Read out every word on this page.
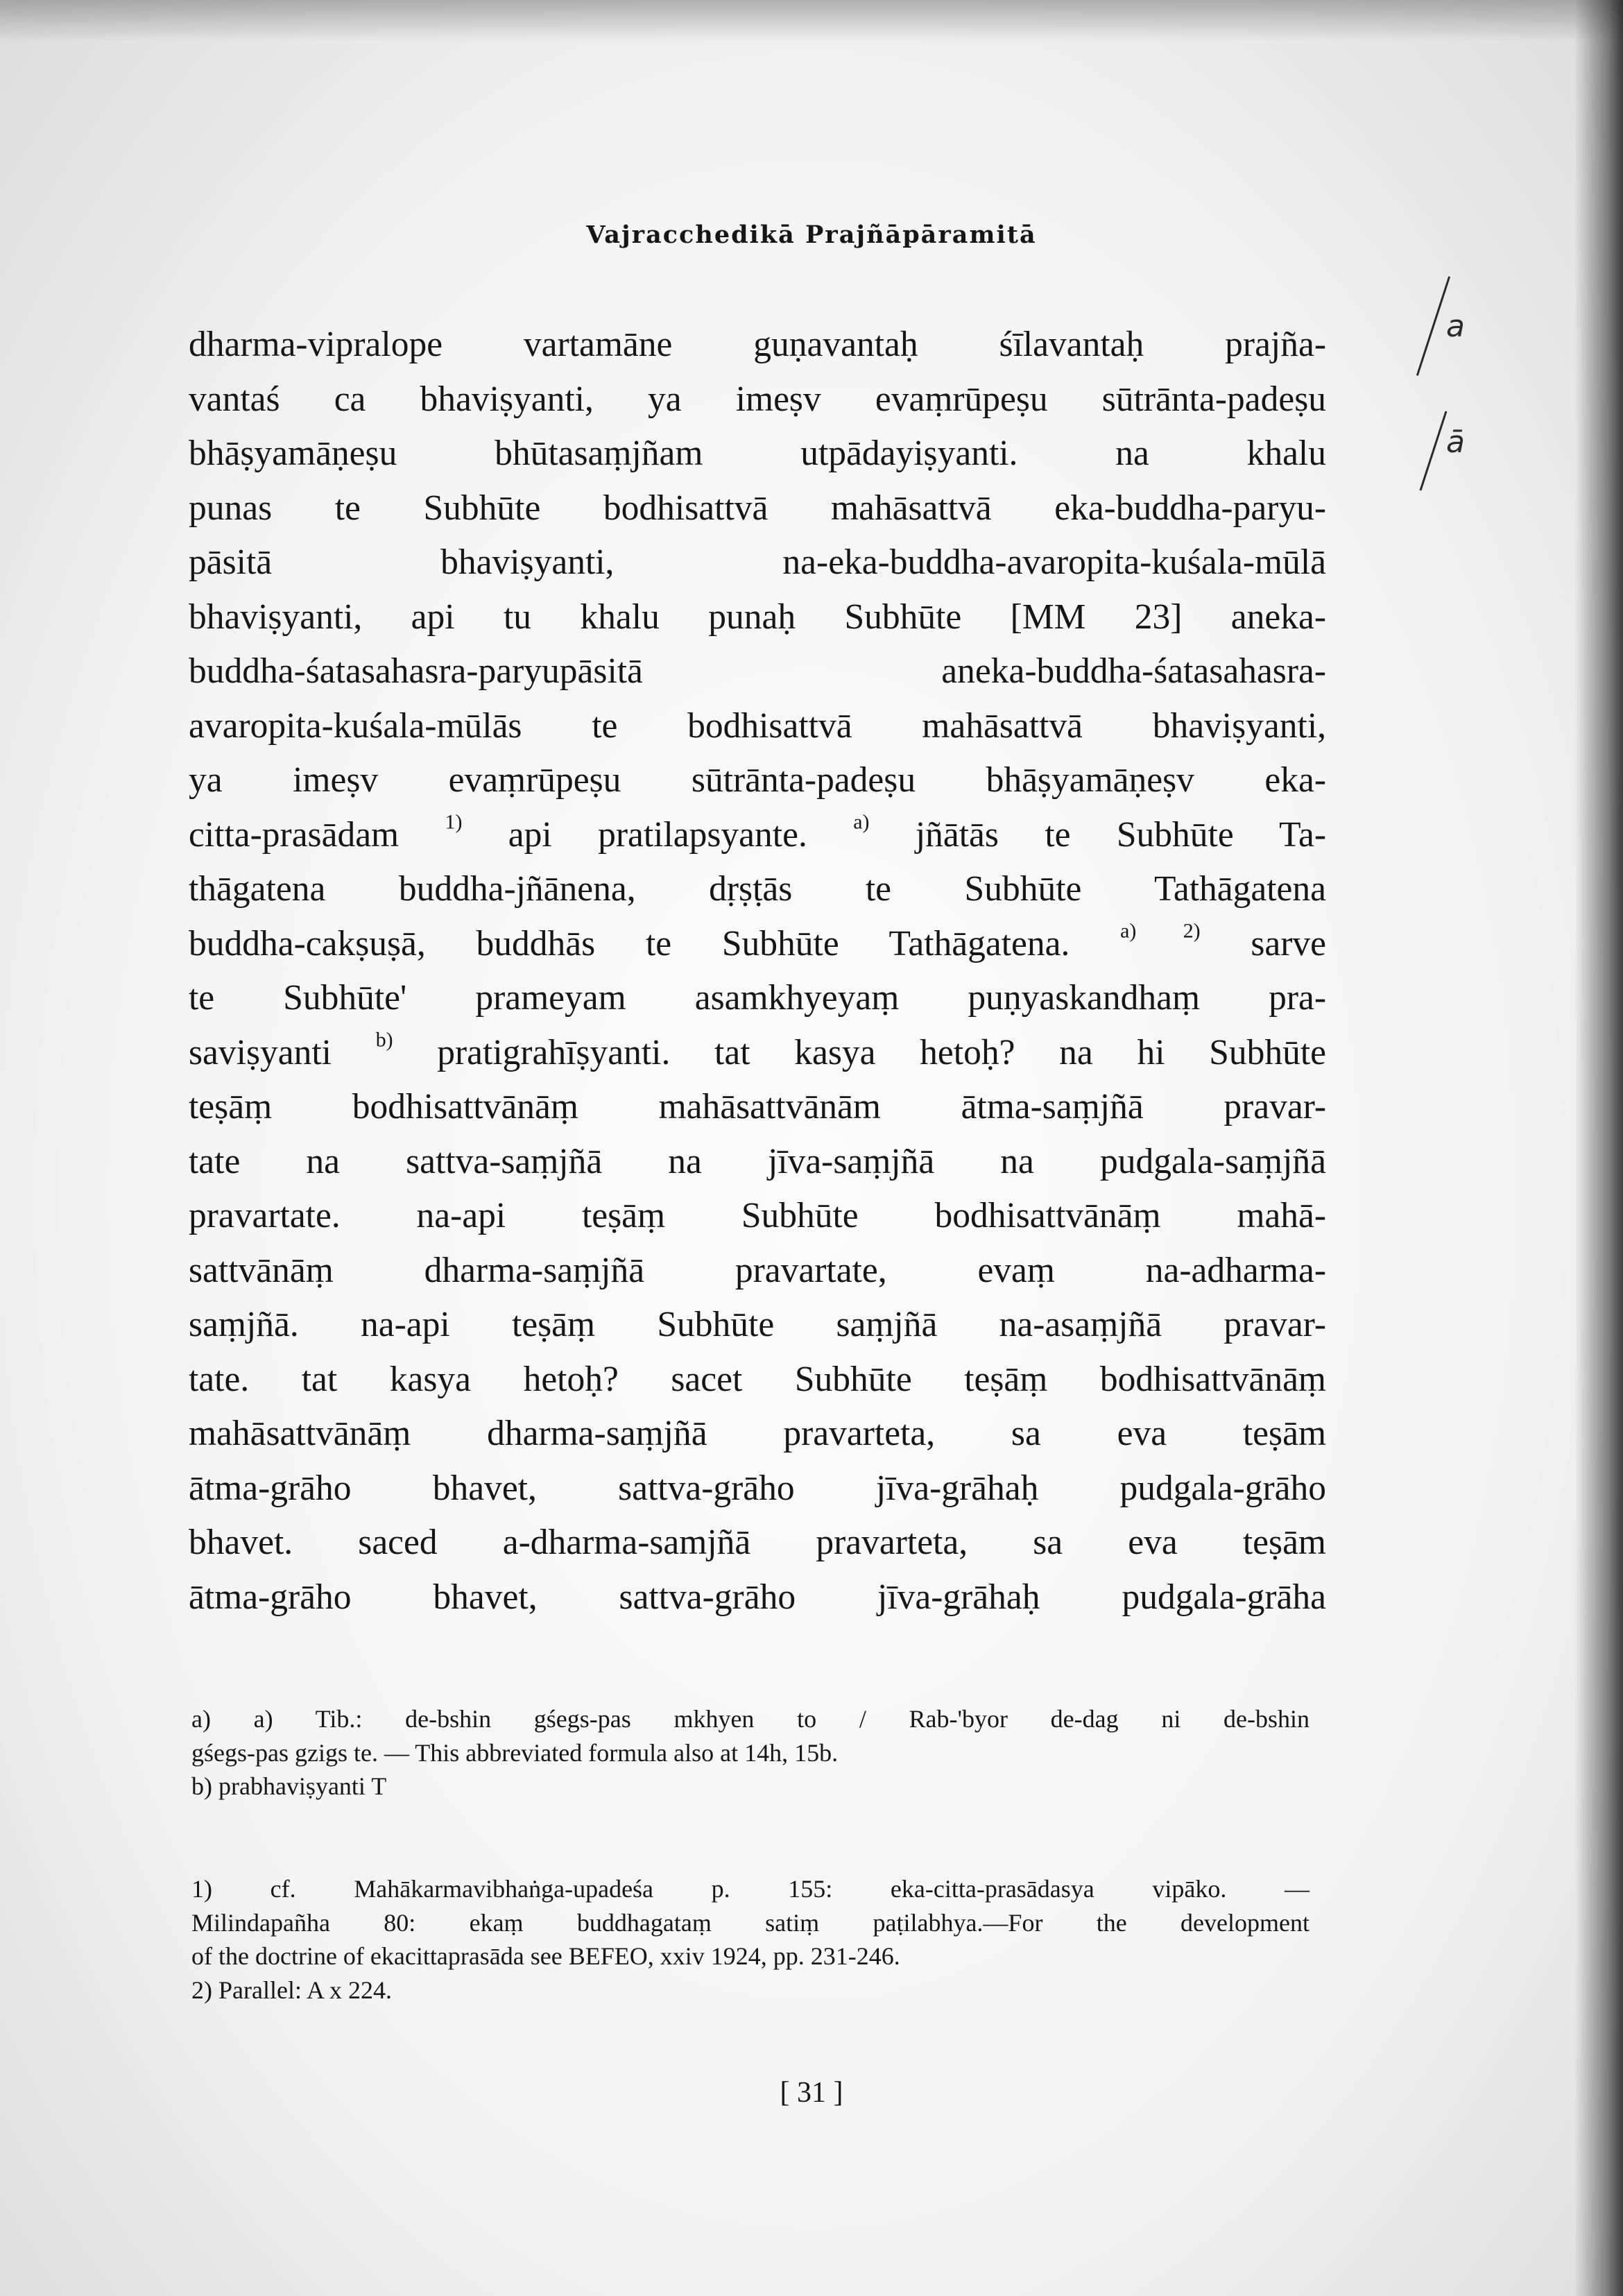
Vajracchedikā Prajñāpāramitā
a
ā
dharma-vipralope vartamāne guṇavantaḥ śīlavantaḥ prajña-
vantaś ca bhaviṣyanti, ya imeṣv evaṃrūpeṣu sūtrānta-padeṣu
bhāṣyamāṇeṣu bhūtasaṃjñam utpādayiṣyanti. na khalu
punas te Subhūte bodhisattvā mahāsattvā eka-buddha-paryu-
pāsitā bhaviṣyanti, na-eka-buddha-avaropita-kuśala-mūlā
bhaviṣyanti, api tu khalu punaḥ Subhūte [MM 23] aneka-
buddha-śatasahasra-paryupāsitā aneka-buddha-śatasahasra-
avaropita-kuśala-mūlās te bodhisattvā mahāsattvā bhaviṣyanti,
ya imeṣv evaṃrūpeṣu sūtrānta-padeṣu bhāṣyamāṇeṣv eka-
citta-prasādam $^{1)}$ api pratilapsyante. $^{a)}$ jñātās te Subhūte Ta-
thāgatena buddha-jñānena, dṛṣṭās te Subhūte Tathāgatena
buddha-cakṣuṣā, buddhās te Subhūte Tathāgatena. $^{a) 2)}$ sarve
te Subhūte' prameyam asamkhyeyaṃ puṇyaskandhaṃ pra-
saviṣyanti $^{b)}$ pratigrahīṣyanti. tat kasya hetoḥ? na hi Subhūte
teṣāṃ bodhisattvānāṃ mahāsattvānām ātma-saṃjñā pravar-
tate na sattva-saṃjñā na jīva-saṃjñā na pudgala-saṃjñā
pravartate. na-api teṣāṃ Subhūte bodhisattvānāṃ mahā-
sattvānāṃ dharma-saṃjñā pravartate, evaṃ na-adharma-
saṃjñā. na-api teṣāṃ Subhūte saṃjñā na-asaṃjñā pravar-
tate. tat kasya hetoḥ? sacet Subhūte teṣāṃ bodhisattvānāṃ
mahāsattvānāṃ dharma-saṃjñā pravarteta, sa eva teṣām
ātma-grāho bhavet, sattva-grāho jīva-grāhaḥ pudgala-grāho
bhavet. saced a-dharma-samjñā pravarteta, sa eva teṣām
ātma-grāho bhavet, sattva-grāho jīva-grāhaḥ pudgala-grāha
a) a) Tib.: de-bshin gśegs-pas mkhyen to / Rab-'byor de-dag ni de-bshin
gśegs-pas gzigs te. — This abbreviated formula also at 14h, 15b.
b) prabhaviṣyanti T
1) cf. Mahākarmavibhaṅga-upadeśa p. 155: eka-citta-prasādasya vipāko. —
Milindapañha 80: ekaṃ buddhagataṃ satiṃ paṭilabhya.—For the development
of the doctrine of ekacittaprasāda see BEFEO, xxiv 1924, pp. 231-246.
2) Parallel: A x 224.
[ 31 ]
